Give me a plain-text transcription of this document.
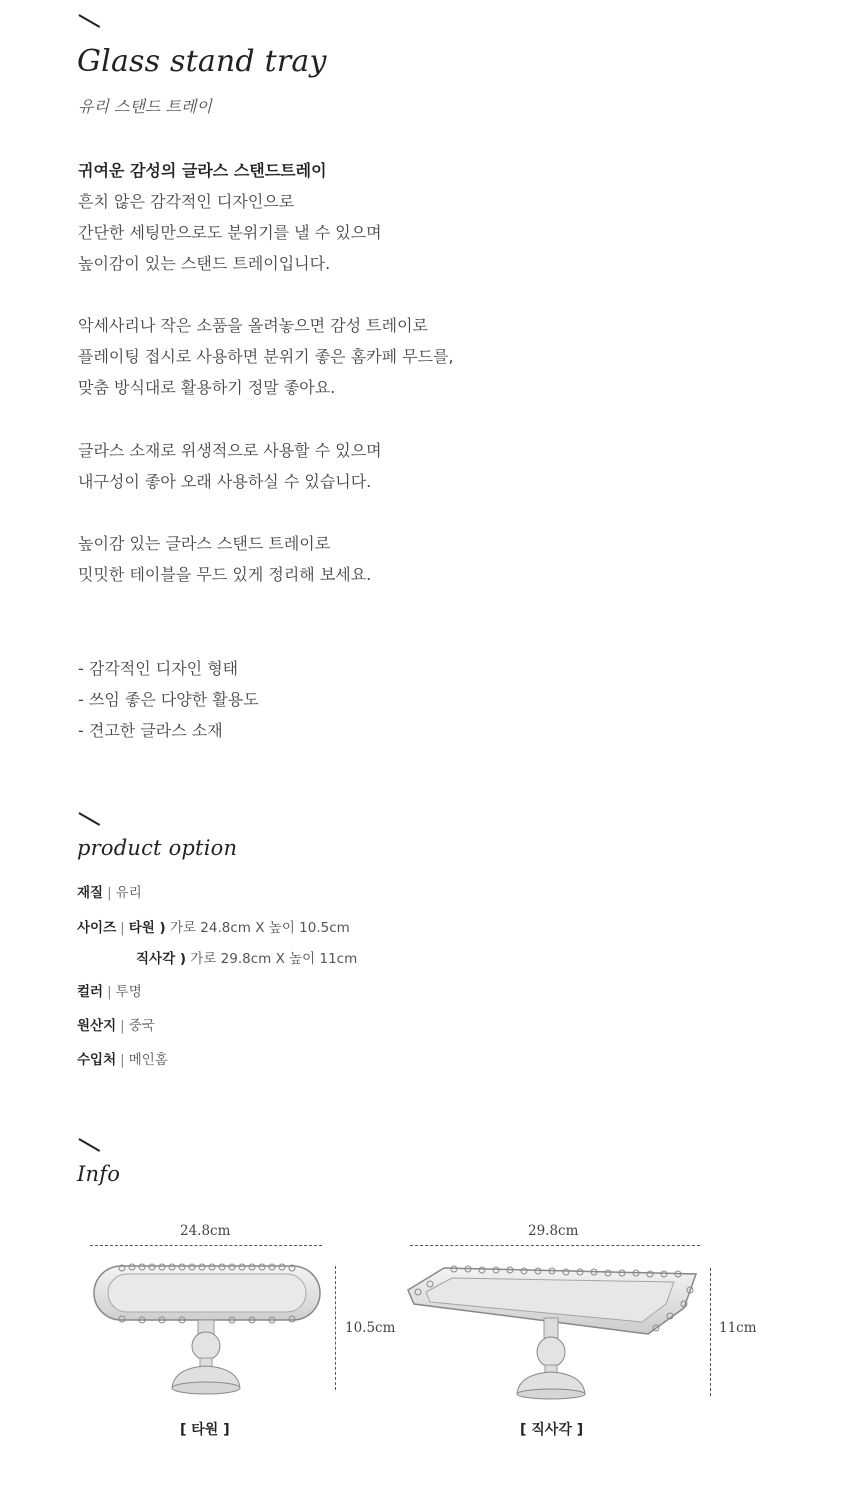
Glass stand tray
유리 스탠드 트레이
귀여운 감성의 글라스 스탠드트레이
흔치 않은 감각적인 디자인으로
간단한 세팅만으로도 분위기를 낼 수 있으며
높이감이 있는 스탠드 트레이입니다.
악세사리나 작은 소품을 올려놓으면 감성 트레이로
플레이팅 접시로 사용하면 분위기 좋은 홈카페 무드를,
맞춤 방식대로 활용하기 정말 좋아요.
글라스 소재로 위생적으로 사용할 수 있으며
내구성이 좋아 오래 사용하실 수 있습니다.
높이감 있는 글라스 스탠드 트레이로
밋밋한 테이블을 무드 있게 정리해 보세요.
- 감각적인 디자인 형태
- 쓰임 좋은 다양한 활용도
- 견고한 글라스 소재
product option
재질 | 유리
사이즈 | 타원 ) 가로 24.8cm X 높이 10.5cm
직사각 ) 가로 29.8cm X 높이 11cm
컬러 | 투명
원산지 | 중국
수입처 | 메인홈
Info
24.8cm
10.5cm
[ 타원 ]
29.8cm
11cm
[ 직사각 ]
